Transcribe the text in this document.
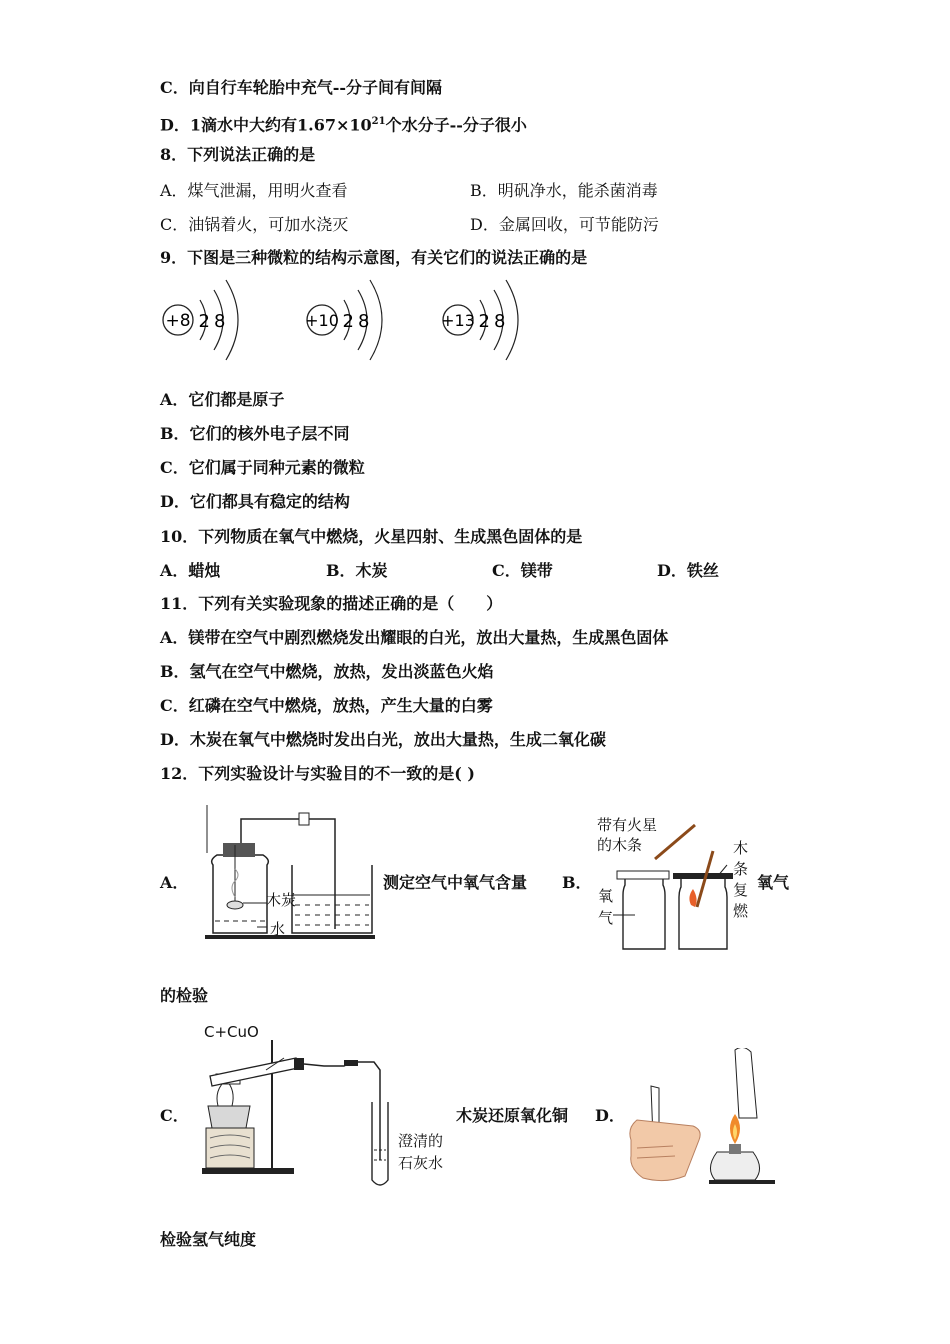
C．向自行车轮胎中充气--分子间有间隔
D．1滴水中大约有$1.67\times 10^{21}$个水分子--分子很小
8．下列说法正确的是
A．煤气泄漏，用明火查看	B．明矾净水，能杀菌消毒
C．油锅着火，可加水浇灭	D．金属回收，可节能防污
9．下图是三种微粒的结构示意图，有关它们的说法正确的是
+8 28	+10 28	+13 28
A．它们都是原子
B．它们的核外电子层不同
C．它们属于同种元素的微粒
D．它们都具有稳定的结构
10．下列物质在氧气中燃烧，火星四射、生成黑色固体的是
A．蜡烛	B．木炭	C．镁带	D．铁丝
11．下列有关实验现象的描述正确的是（　　）
A．镁带在空气中剧烈燃烧发出耀眼的白光，放出大量热，生成黑色固体
B．氢气在空气中燃烧，放热，发出淡蓝色火焰
C．红磷在空气中燃烧，放热，产生大量的白雾
D．木炭在氧气中燃烧时发出白光，放出大量热，生成二氧化碳
12．下列实验设计与实验目的不一致的是( )
A．
木炭
水
测定空气中氧气含量 B．
带有火星
的木条	木
条
复
燃
氧
气
氧气
的检验
C．
C+CuO
澄清的
石灰水
木炭还原氧化铜 D．
检验氢气纯度
